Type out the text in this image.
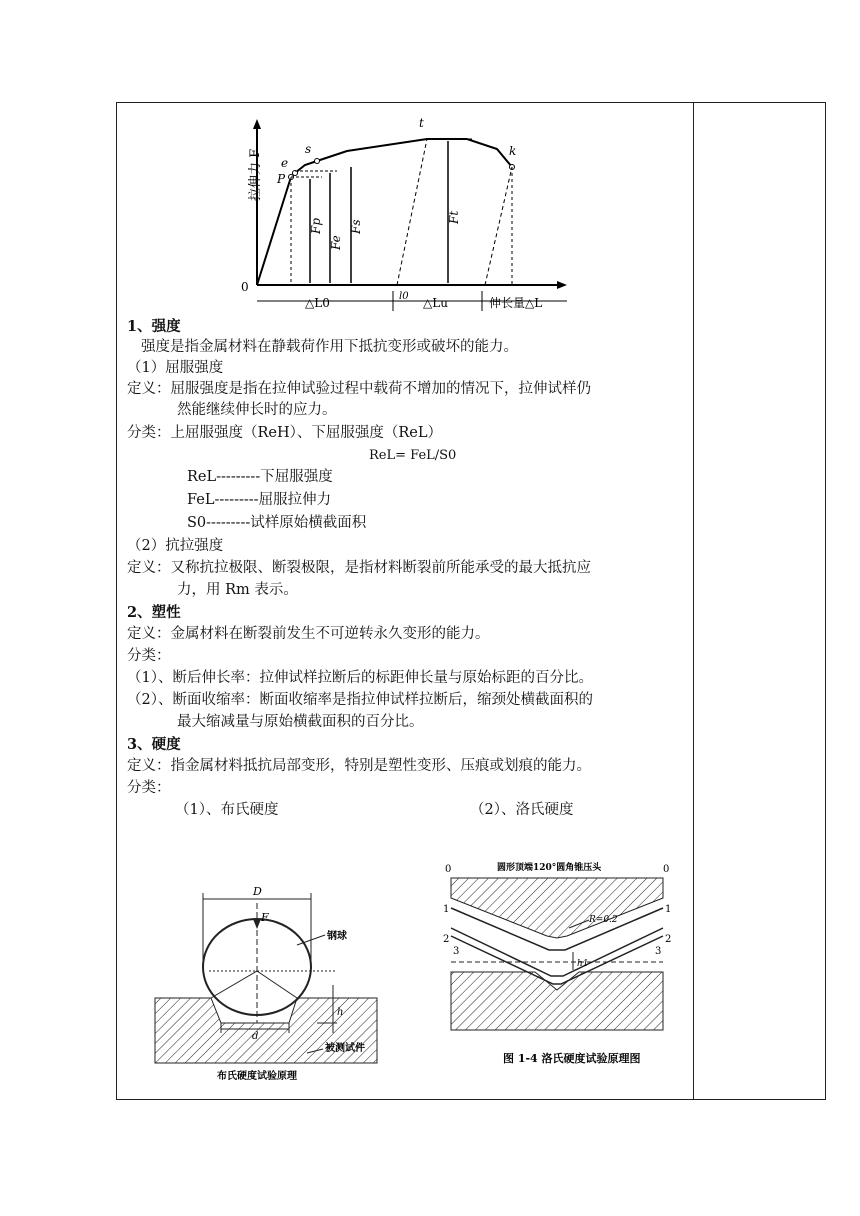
0
拉伸力 F P
e
s
t
k
Fp
Fe
Fs
Ft
△L0	l0 △Lu	伸长量△L
1、强度
强度是指金属材料在静载荷作用下抵抗变形或破坏的能力。
（1）屈服强度
定义：屈服强度是指在拉伸试验过程中载荷不增加的情况下，拉伸试样仍
然能继续伸长时的应力。
分类：上屈服强度（ReH）、下屈服强度（ReL）
ReL= FeL/S0
ReL---------下屈服强度
FeL---------屈服拉伸力
S0---------试样原始横截面积
（2）抗拉强度
定义：又称抗拉极限、断裂极限，是指材料断裂前所能承受的最大抵抗应
力，用 Rm 表示。
2、塑性
定义：金属材料在断裂前发生不可逆转永久变形的能力。
分类：
（1）、断后伸长率：拉伸试样拉断后的标距伸长量与原始标距的百分比。
（2）、断面收缩率：断面收缩率是指拉伸试样拉断后，缩颈处横截面积的
最大缩减量与原始横截面积的百分比。
3、硬度
定义：指金属材料抵抗局部变形，特别是塑性变形、压痕或划痕的能力。
分类：
（1）、布氏硬度	（2）、洛氏硬度
D
F
钢球
d
h
被测试件
布氏硬度试验原理
0	0
圆形顶端120°圆角锥压头
1	1
2	2
3	3
R=0.2
h1
图 1-4 洛氏硬度试验原理图
